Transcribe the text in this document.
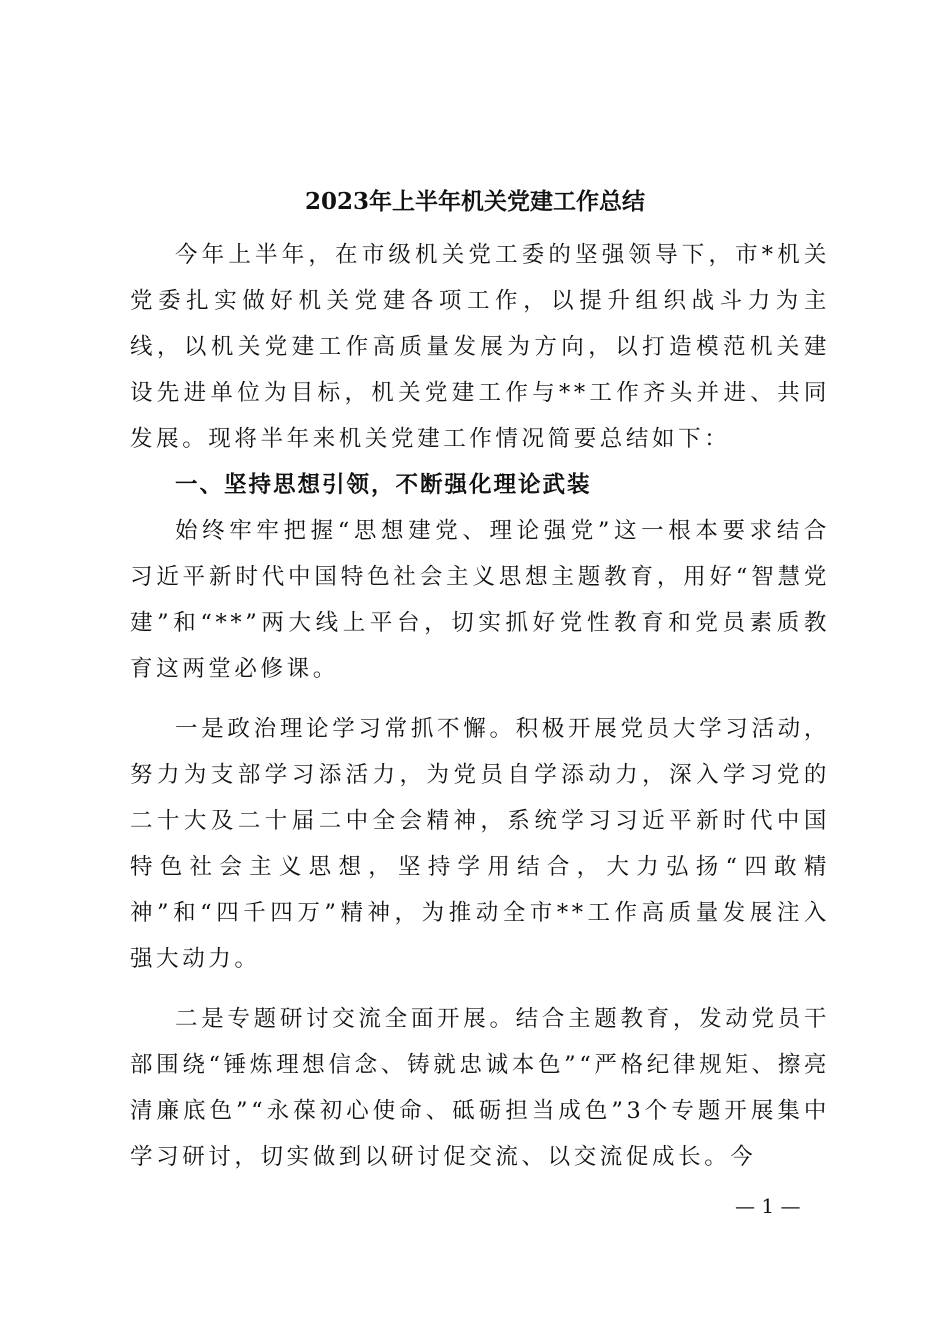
2023年上半年机关党建工作总结

今年上半年，在市级机关党工委的坚强领导下，市*机关党委扎实做好机关党建各项工作，以提升组织战斗力为主线，以机关党建工作高质量发展为方向，以打造模范机关建设先进单位为目标，机关党建工作与**工作齐头并进、共同发展。现将半年来机关党建工作情况简要总结如下：

一、坚持思想引领，不断强化理论武装

始终牢牢把握“思想建党、理论强党”这一根本要求结合习近平新时代中国特色社会主义思想主题教育，用好“智慧党建”和“**”两大线上平台，切实抓好党性教育和党员素质教育这两堂必修课。

一是政治理论学习常抓不懈。积极开展党员大学习活动，努力为支部学习添活力，为党员自学添动力，深入学习党的二十大及二十届二中全会精神，系统学习习近平新时代中国特色社会主义思想，坚持学用结合，大力弘扬“四敢精神”和“四千四万”精神，为推动全市**工作高质量发展注入强大动力。

二是专题研讨交流全面开展。结合主题教育，发动党员干部围绕“锤炼理想信念、铸就忠诚本色”“严格纪律规矩、擦亮清廉底色”“永葆初心使命、砥砺担当成色”3个专题开展集中学习研讨，切实做到以研讨促交流、以交流促成长。今

— 1 —
